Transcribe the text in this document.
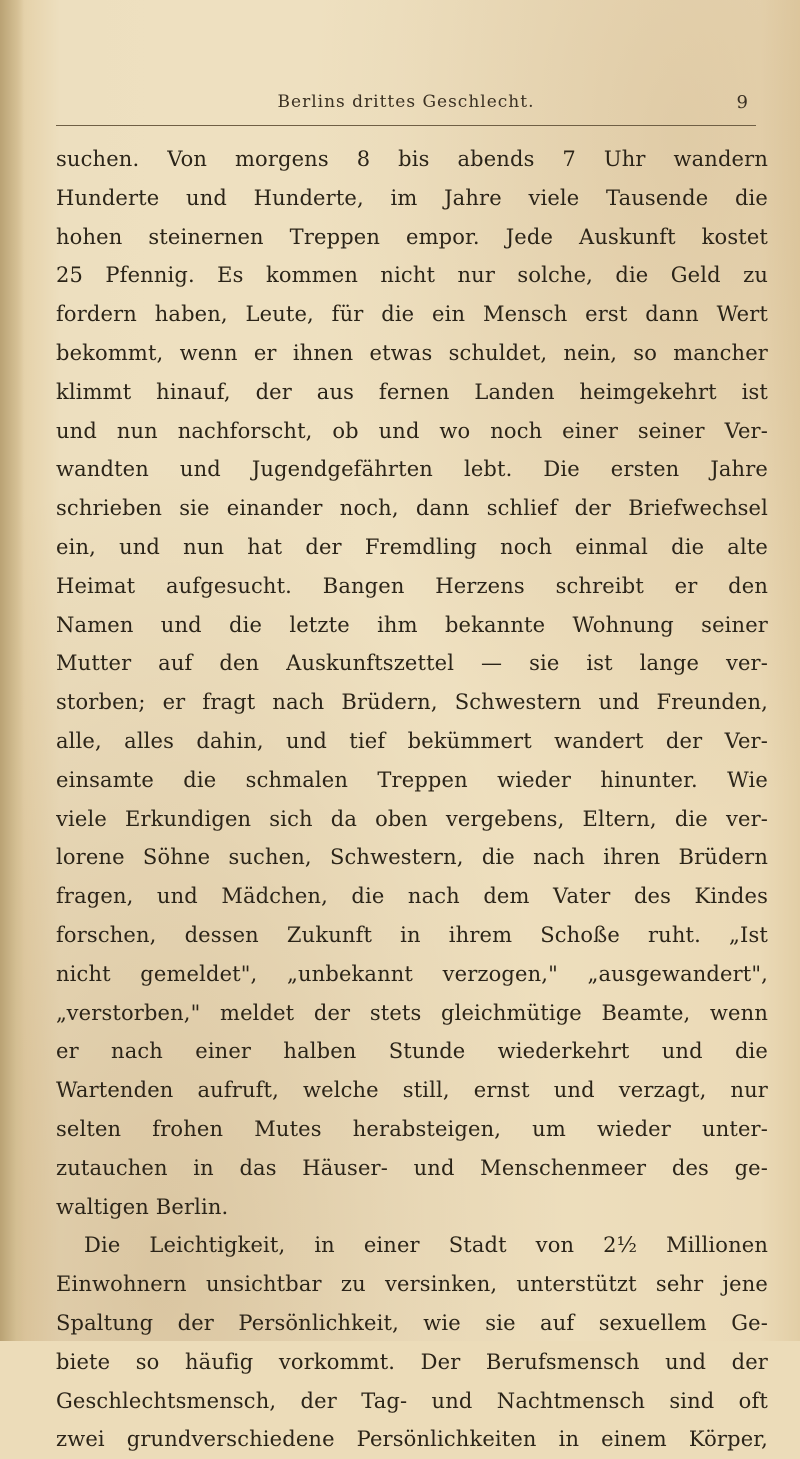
Berlins drittes Geschlecht.	9
suchen. Von morgens 8 bis abends 7 Uhr wandern
Hunderte und Hunderte, im Jahre viele Tausende die
hohen steinernen Treppen empor. Jede Auskunft kostet
25 Pfennig. Es kommen nicht nur solche, die Geld zu
fordern haben, Leute, für die ein Mensch erst dann Wert
bekommt, wenn er ihnen etwas schuldet, nein, so mancher
klimmt hinauf, der aus fernen Landen heimgekehrt ist
und nun nachforscht, ob und wo noch einer seiner Ver-
wandten und Jugendgefährten lebt. Die ersten Jahre
schrieben sie einander noch, dann schlief der Briefwechsel
ein, und nun hat der Fremdling noch einmal die alte
Heimat aufgesucht. Bangen Herzens schreibt er den
Namen und die letzte ihm bekannte Wohnung seiner
Mutter auf den Auskunftszettel — sie ist lange ver-
storben; er fragt nach Brüdern, Schwestern und Freunden,
alle, alles dahin, und tief bekümmert wandert der Ver-
einsamte die schmalen Treppen wieder hinunter. Wie
viele Erkundigen sich da oben vergebens, Eltern, die ver-
lorene Söhne suchen, Schwestern, die nach ihren Brüdern
fragen, und Mädchen, die nach dem Vater des Kindes
forschen, dessen Zukunft in ihrem Schoße ruht. „Ist
nicht gemeldet", „unbekannt verzogen," „ausgewandert",
„verstorben," meldet der stets gleichmütige Beamte, wenn
er nach einer halben Stunde wiederkehrt und die
Wartenden aufruft, welche still, ernst und verzagt, nur
selten frohen Mutes herabsteigen, um wieder unter-
zutauchen in das Häuser- und Menschenmeer des ge-
waltigen Berlin.
Die Leichtigkeit, in einer Stadt von 2½ Millionen
Einwohnern unsichtbar zu versinken, unterstützt sehr jene
Spaltung der Persönlichkeit, wie sie auf sexuellem Ge-
biete so häufig vorkommt. Der Berufsmensch und der
Geschlechtsmensch, der Tag- und Nachtmensch sind oft
zwei grundverschiedene Persönlichkeiten in einem Körper,
